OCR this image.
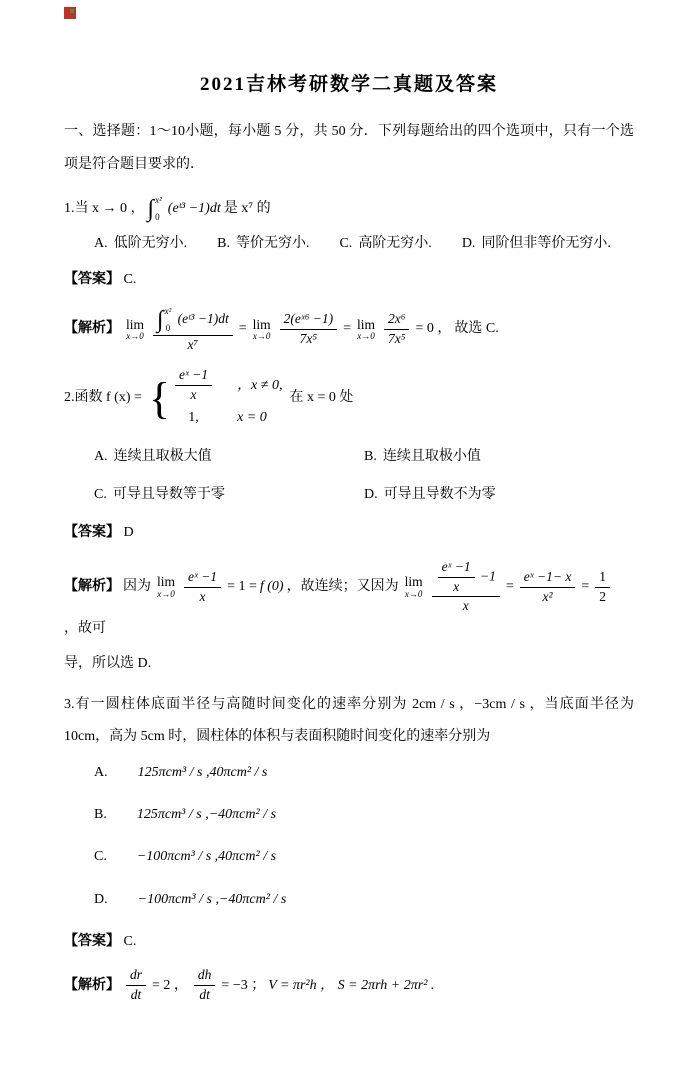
2021吉林考研数学二真题及答案

一、选择题：1～10小题，每小题 5 分，共 50 分．下列每题给出的四个选项中，只有一个选项是符合题目要求的．

1.当 x → 0 ， ∫ x²
0
(eᵗ³ −1)dt 是 x⁷ 的
A. 低阶无穷小. B. 等价无穷小. C. 高阶无穷小. D. 同阶但非等价无穷小.
【答案】 C.
【解析】 lim
x→0
∫ x²
0
(eᵗ³ −1)dt
x⁷
= lim
$x\to 0 \frac{\text{2(eˣ⁶ −1)}}{\text{7x⁵}} = \lim$
$x\to 0 \frac{\text{2x⁶}}{\text{7x⁵}} = 0$ ， 故选 C.
2.函数 f (x) = { $\frac{\text{eˣ −1}}{x}$ ，x ≠ 0,
1,	x = 0
在 x = 0 处
A. 连续且取极大值	B. 连续且取极小值
C. 可导且导数等于零	D. 可导且导数不为零
【答案】 D
【解析】 因为 lim
$x\to 0 \frac{\text{eˣ −1}}{x} = 1 = f$ (0) ，故连续；又因为 lim
$x\to 0 \frac{\frac{\text{eˣ −1}}{x} -1}{x} = \frac{\text{eˣ −1− x}}{\text{x²}} = \frac{1}{2}$
，故可
导，所以选 D.

3.有一圆柱体底面半径与高随时间变化的速率分别为 2cm / s ，−3cm / s ，当底面半径为10cm，高为 5cm 时，圆柱体的体积与表面积随时间变化的速率分别为

A. 125πcm³ / s ,40πcm² / s
B. 125πcm³ / s ,−40πcm² / s
C. −100πcm³ / s ,40πcm² / s
D. −100πcm³ / s ,−40πcm² / s
【答案】 C.
【解析】 $\frac{dr}{dt} = 2$ ， $\frac{dh}{dt} = -3$ ； V = πr²h ， S = 2πrh + 2πr² .
